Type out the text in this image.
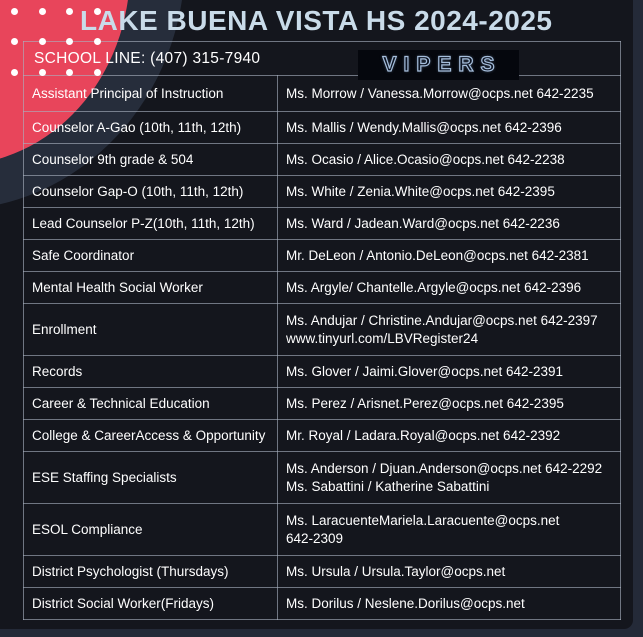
SCHOOL LINE: (407) 315-7940 VIPERS	

Assistant Principal of Instruction	Ms. Morrow / Vanessa.Morrow@ocps.net 642-2235

Counselor A-Gao (10th, 11th, 12th)	Ms. Mallis / Wendy.Mallis@ocps.net 642-2396

Counselor 9th grade & 504	Ms. Ocasio / Alice.Ocasio@ocps.net 642-2238

Counselor Gap-O (10th, 11th, 12th)	Ms. White / Zenia.White@ocps.net 642-2395

Lead Counselor P-Z(10th, 11th, 12th)	Ms. Ward / Jadean.Ward@ocps.net 642-2236

Safe Coordinator	Mr. DeLeon / Antonio.DeLeon@ocps.net 642-2381

Mental Health Social Worker	Ms. Argyle/ Chantelle.Argyle@ocps.net 642-2396

Enrollment	Ms. Andujar / Christine.Andujar@ocps.net 642-2397
www.tinyurl.com/LBVRegister24

Records	Ms. Glover / Jaimi.Glover@ocps.net 642-2391

Career & Technical Education	Ms. Perez / Arisnet.Perez@ocps.net 642-2395

College & CareerAccess & Opportunity	Mr. Royal / Ladara.Royal@ocps.net 642-2392

ESE Staffing Specialists	Ms. Anderson / Djuan.Anderson@ocps.net 642-2292
Ms. Sabattini / Katherine Sabattini

ESOL Compliance	Ms. LaracuenteMariela.Laracuente@ocps.net
642-2309

District Psychologist (Thursdays)	Ms. Ursula / Ursula.Taylor@ocps.net

District Social Worker(Fridays)	Ms. Dorilus / Neslene.Dorilus@ocps.net
LAKE BUENA VISTA HS 2024-2025
